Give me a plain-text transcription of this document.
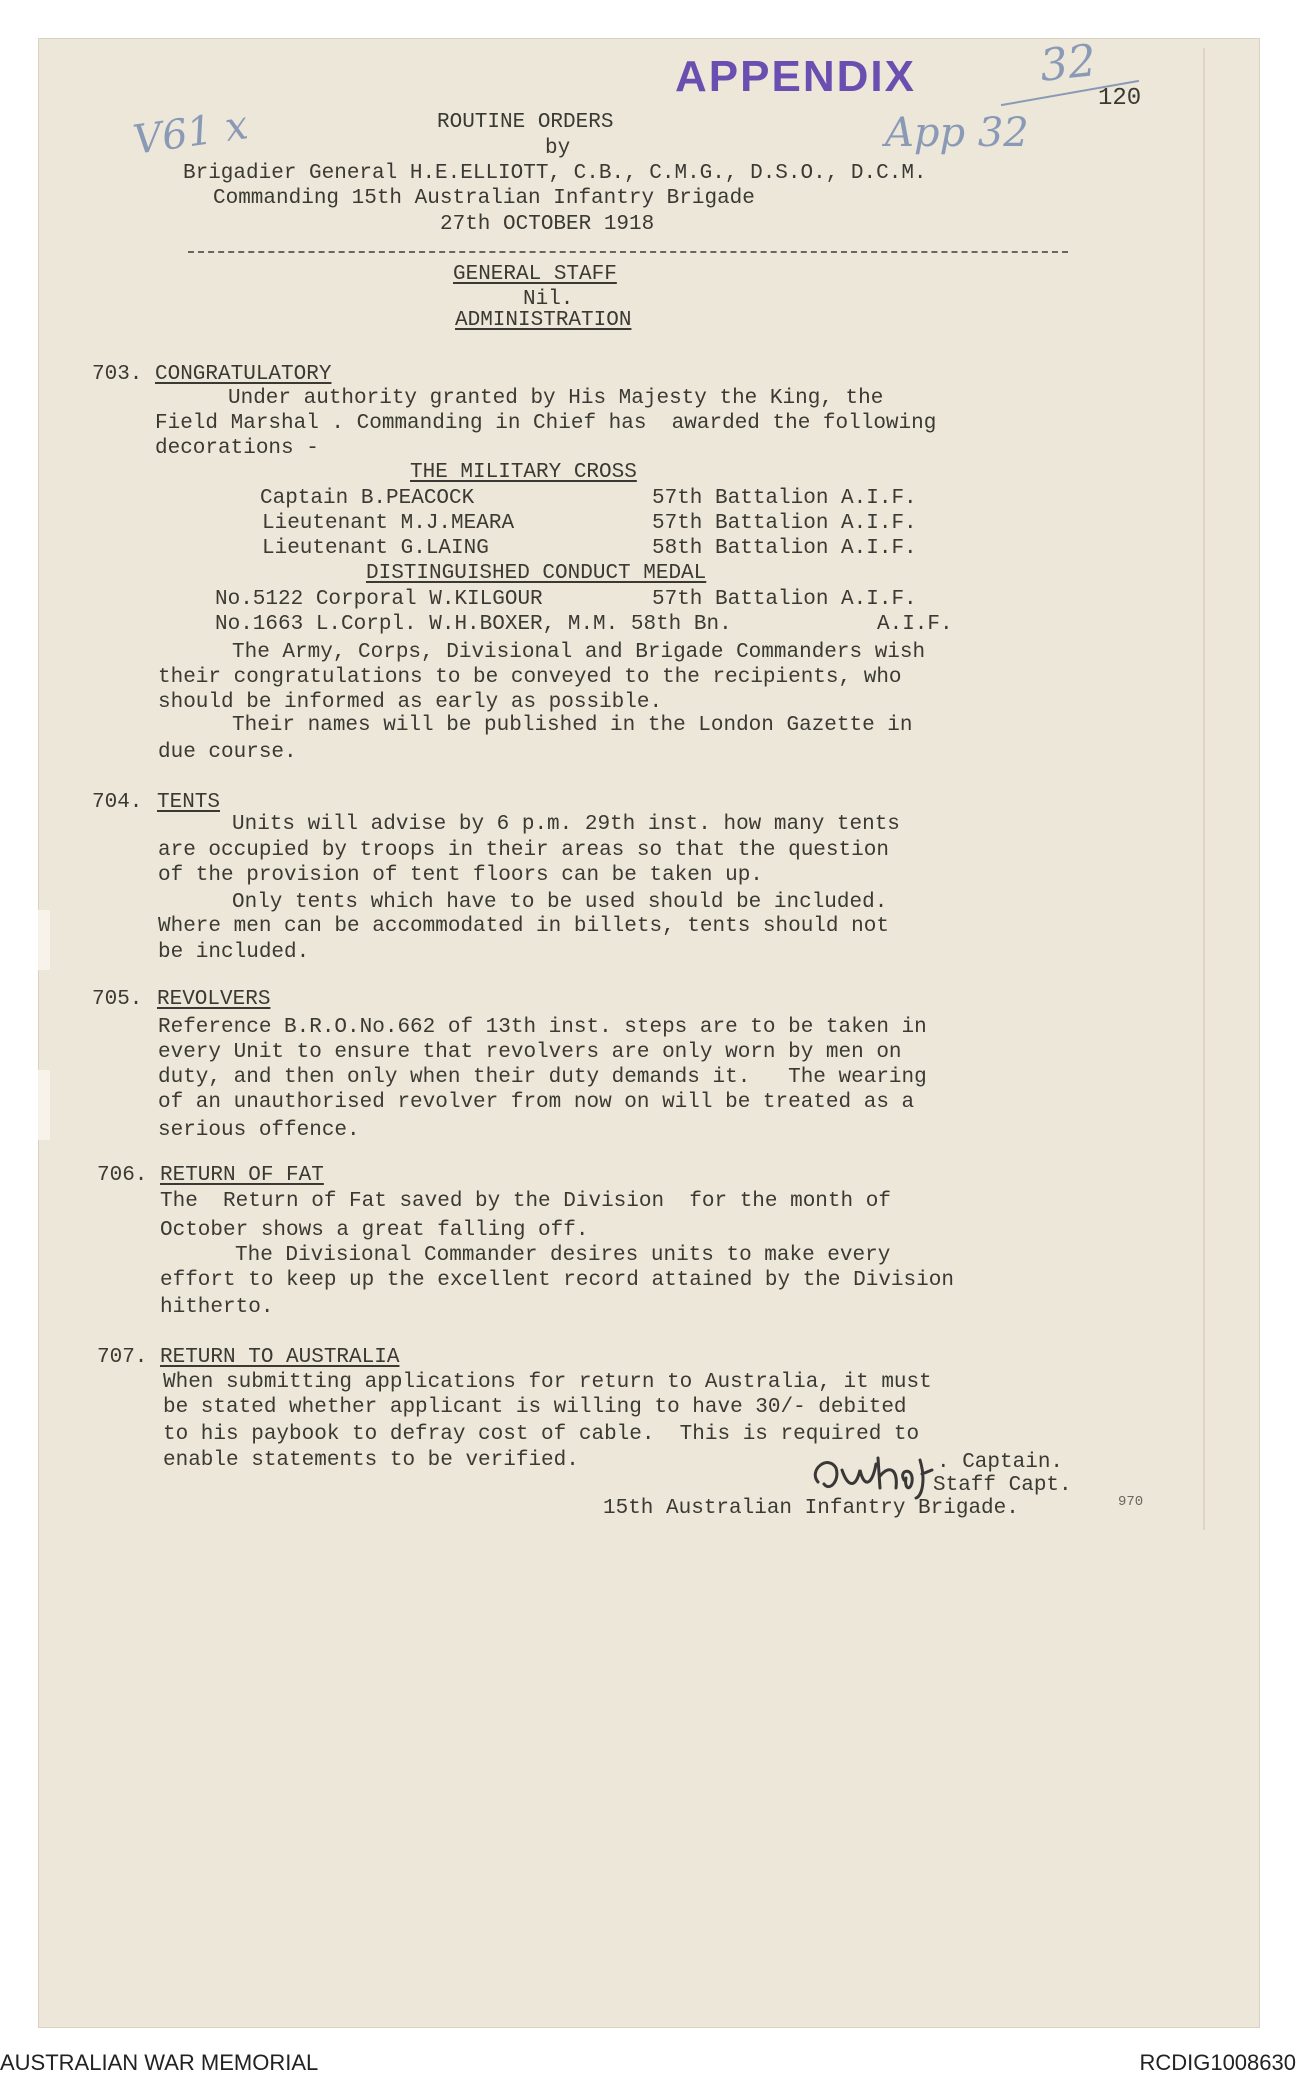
APPENDIX
V61 x
32
App 32
120
ROUTINE ORDERS
by
Brigadier General H.E.ELLIOTT, C.B., C.M.G., D.S.O., D.C.M.
Commanding 15th Australian Infantry Brigade
27th OCTOBER 1918
GENERAL STAFF
Nil.
ADMINISTRATION
703. CONGRATULATORY
Under authority granted by His Majesty the King, the
Field Marshal . Commanding in Chief has  awarded the following
decorations -
THE MILITARY CROSS
Captain B.PEACOCK	57th Battalion A.I.F.
Lieutenant M.J.MEARA	57th Battalion A.I.F.
Lieutenant G.LAING	58th Battalion A.I.F.
DISTINGUISHED CONDUCT MEDAL
No.5122 Corporal W.KILGOUR	57th Battalion A.I.F.
No.1663 L.Corpl. W.H.BOXER, M.M. 58th Bn.	A.I.F.
The Army, Corps, Divisional and Brigade Commanders wish
their congratulations to be conveyed to the recipients, who
should be informed as early as possible.
Their names will be published in the London Gazette in
due course.
704. TENTS
Units will advise by 6 p.m. 29th inst. how many tents
are occupied by troops in their areas so that the question
of the provision of tent floors can be taken up.
Only tents which have to be used should be included.
Where men can be accommodated in billets, tents should not
be included.
705. REVOLVERS
Reference B.R.O.No.662 of 13th inst. steps are to be taken in
every Unit to ensure that revolvers are only worn by men on
duty, and then only when their duty demands it.   The wearing
of an unauthorised revolver from now on will be treated as a
serious offence.
706. RETURN OF FAT
The  Return of Fat saved by the Division  for the month of
October shows a great falling off.
The Divisional Commander desires units to make every
effort to keep up the excellent record attained by the Division
hitherto.
707. RETURN TO AUSTRALIA
When submitting applications for return to Australia, it must
be stated whether applicant is willing to have 30/- debited
to his paybook to defray cost of cable.  This is required to
enable statements to be verified.	. Captain.
Staff Capt.
15th Australian Infantry Brigade.	970
AUSTRALIAN WAR MEMORIAL	RCDIG1008630
